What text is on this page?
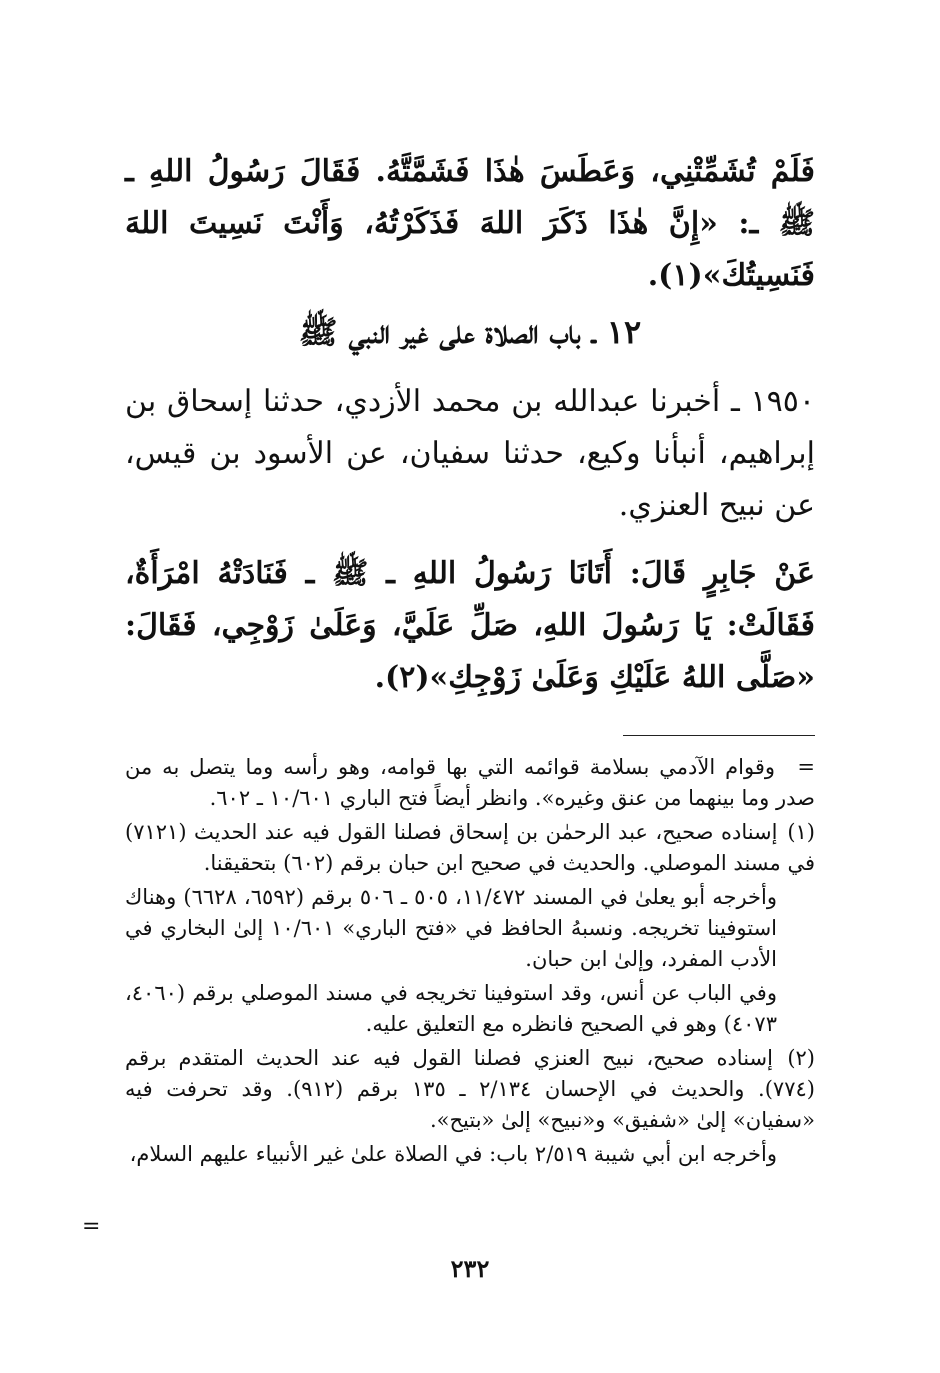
فَلَمْ تُشَمِّتْنِي، وَعَطَسَ هٰذَا فَشَمَّتَّهُ. فَقَالَ رَسُولُ اللهِ ـ ﷺ ـ: «إِنَّ هٰذَا ذَكَرَ اللهَ فَذَكَرْتُهُ، وَأَنْتَ نَسِيتَ اللهَ فَنَسِيتُكَ»(١).
١٢ ـ باب الصلاة على غير النبي ﷺ
١٩٥٠ ـ أخبرنا عبدالله بن محمد الأزدي، حدثنا إسحاق بن إبراهيم، أنبأنا وكيع، حدثنا سفيان، عن الأسود بن قيس، عن نبيح العنزي.
عَنْ جَابِرٍ قَالَ: أَتَانَا رَسُولُ اللهِ ـ ﷺ ـ فَنَادَتْهُ امْرَأَةٌ، فَقَالَتْ: يَا رَسُولَ اللهِ، صَلِّ عَلَيَّ، وَعَلَىٰ زَوْجِي، فَقَالَ: «صَلَّى اللهُ عَلَيْكِ وَعَلَىٰ زَوْجِكِ»(٢).

= وقوام الآدمي بسلامة قوائمه التي بها قوامه، وهو رأسه وما يتصل به من صدر وما بينهما من عنق وغيره». وانظر أيضاً فتح الباري ١٠/٦٠١ ـ ٦٠٢.

(١) إسناده صحيح، عبد الرحمٰن بن إسحاق فصلنا القول فيه عند الحديث (٧١٢١) في مسند الموصلي. والحديث في صحيح ابن حبان برقم (٦٠٢) بتحقيقنا.

وأخرجه أبو يعلىٰ في المسند ١١/٤٧٢، ٥٠٥ ـ ٥٠٦ برقم (٦٥٩٢، ٦٦٢٨) وهناك استوفينا تخريجه. ونسبهُ الحافظ في «فتح الباري» ١٠/٦٠١ إلىٰ البخاري في الأدب المفرد، وإلىٰ ابن حبان.

وفي الباب عن أنس، وقد استوفينا تخريجه في مسند الموصلي برقم (٤٠٦٠، ٤٠٧٣) وهو في الصحيح فانظره مع التعليق عليه.

(٢) إسناده صحيح، نبيح العنزي فصلنا القول فيه عند الحديث المتقدم برقم (٧٧٤). والحديث في الإحسان ٢/١٣٤ ـ ١٣٥ برقم (٩١٢). وقد تحرفت فيه «سفيان» إلىٰ «شفيق» و«نبيح» إلىٰ «بتيح».

وأخرجه ابن أبي شيبة ٢/٥١٩ باب: في الصلاة علىٰ غير الأنبياء عليهم السلام،

=
٢٣٢
